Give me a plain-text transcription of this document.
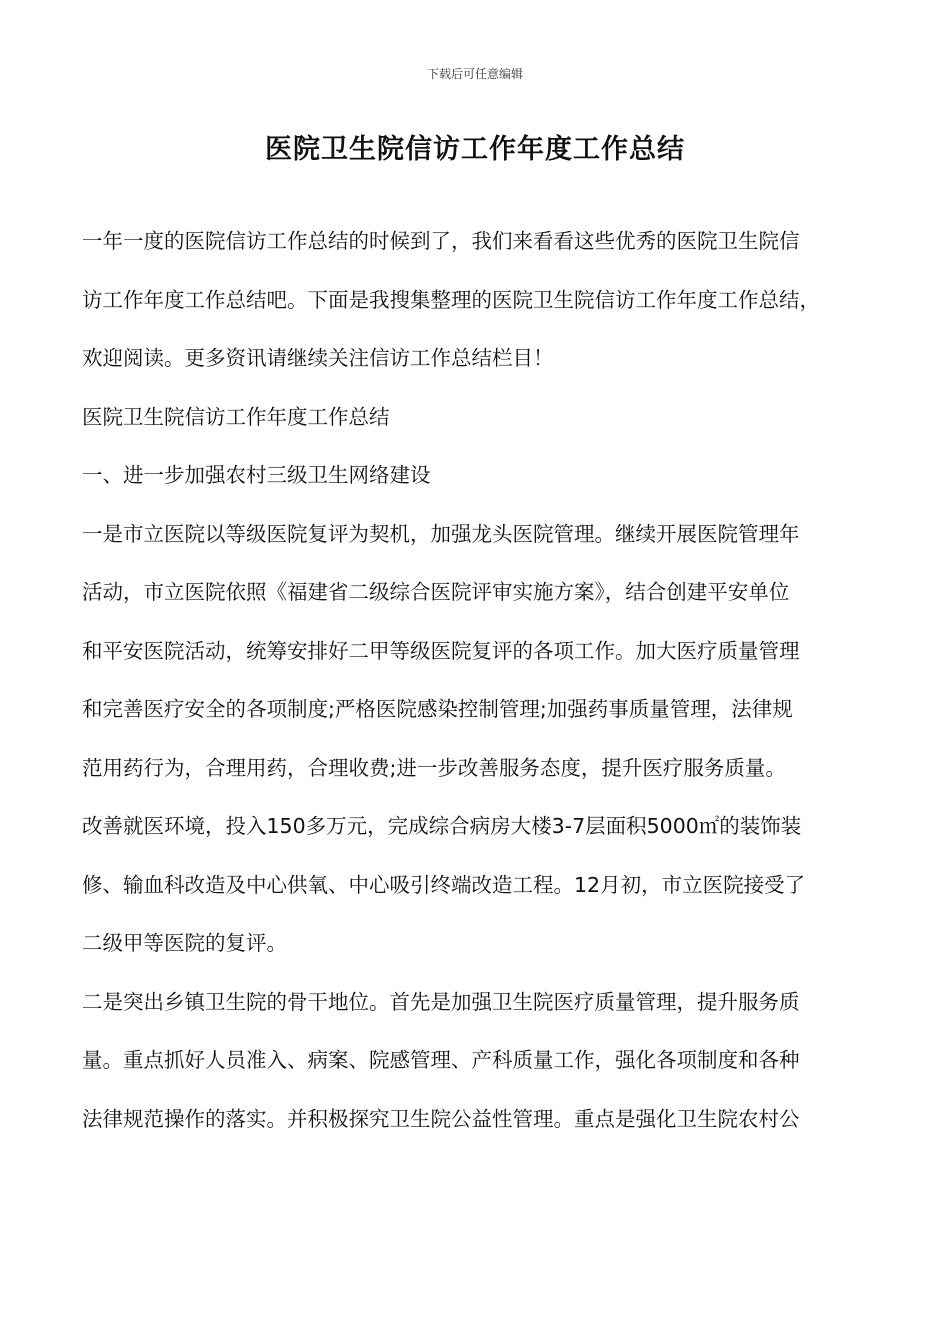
下载后可任意编辑
医院卫生院信访工作年度工作总结
一年一度的医院信访工作总结的时候到了，我们来看看这些优秀的医院卫生院信
访工作年度工作总结吧。下面是我搜集整理的医院卫生院信访工作年度工作总结，
欢迎阅读。更多资讯请继续关注信访工作总结栏目！
医院卫生院信访工作年度工作总结
一、进一步加强农村三级卫生网络建设
一是市立医院以等级医院复评为契机，加强龙头医院管理。继续开展医院管理年
活动，市立医院依照《福建省二级综合医院评审实施方案》，结合创建平安单位
和平安医院活动，统筹安排好二甲等级医院复评的各项工作。加大医疗质量管理
和完善医疗安全的各项制度;严格医院感染控制管理;加强药事质量管理，法律规
范用药行为，合理用药，合理收费;进一步改善服务态度，提升医疗服务质量。
改善就医环境，投入150多万元，完成综合病房大楼3-7层面积5000㎡的装饰装
修、输血科改造及中心供氧、中心吸引终端改造工程。12月初，市立医院接受了
二级甲等医院的复评。
二是突出乡镇卫生院的骨干地位。首先是加强卫生院医疗质量管理，提升服务质
量。重点抓好人员准入、病案、院感管理、产科质量工作，强化各项制度和各种
法律规范操作的落实。并积极探究卫生院公益性管理。重点是强化卫生院农村公
